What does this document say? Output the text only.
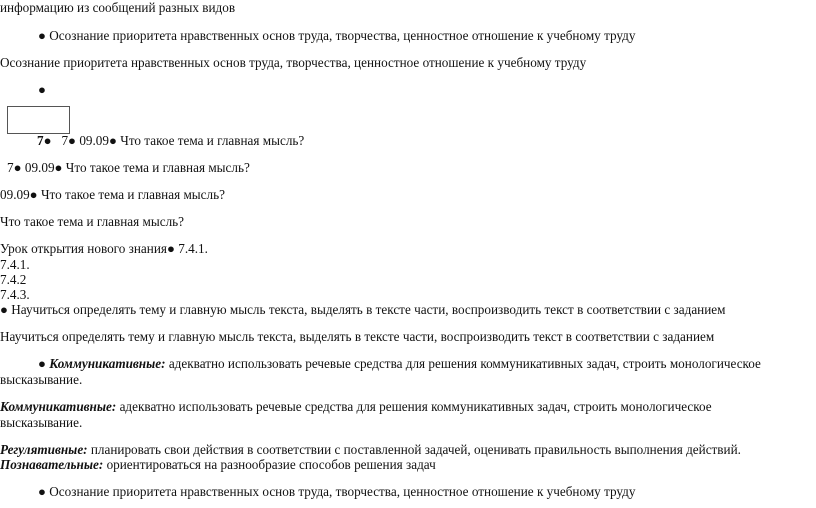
информацию из сообщений разных видов
● Осознание приоритета нравственных основ труда, творчества, ценностное отношение к учебному труду
Осознание приоритета нравственных основ труда, творчества, ценностное отношение к учебному труду
●
7● 7● 09.09● Что такое тема и главная мысль?
7● 09.09● Что такое тема и главная мысль?
09.09● Что такое тема и главная мысль?
Что такое тема и главная мысль?
Урок открытия нового знания● 7.4.1.
7.4.1.
7.4.2
7.4.3.
● Научиться определять тему и главную мысль текста, выделять в тексте части, воспроизводить текст в соответствии с заданием
Научиться определять тему и главную мысль текста, выделять в тексте части, воспроизводить текст в соответствии с заданием
● Коммуникативные: адекватно использовать речевые средства для решения коммуникативных задач, строить монологическое
высказывание.
Коммуникативные: адекватно использовать речевые средства для решения коммуникативных задач, строить монологическое
высказывание.
Регулятивные: планировать свои действия в соответствии с поставленной задачей, оценивать правильность выполнения действий.
Познавательные: ориентироваться на разнообразие способов решения задач
● Осознание приоритета нравственных основ труда, творчества, ценностное отношение к учебному труду
